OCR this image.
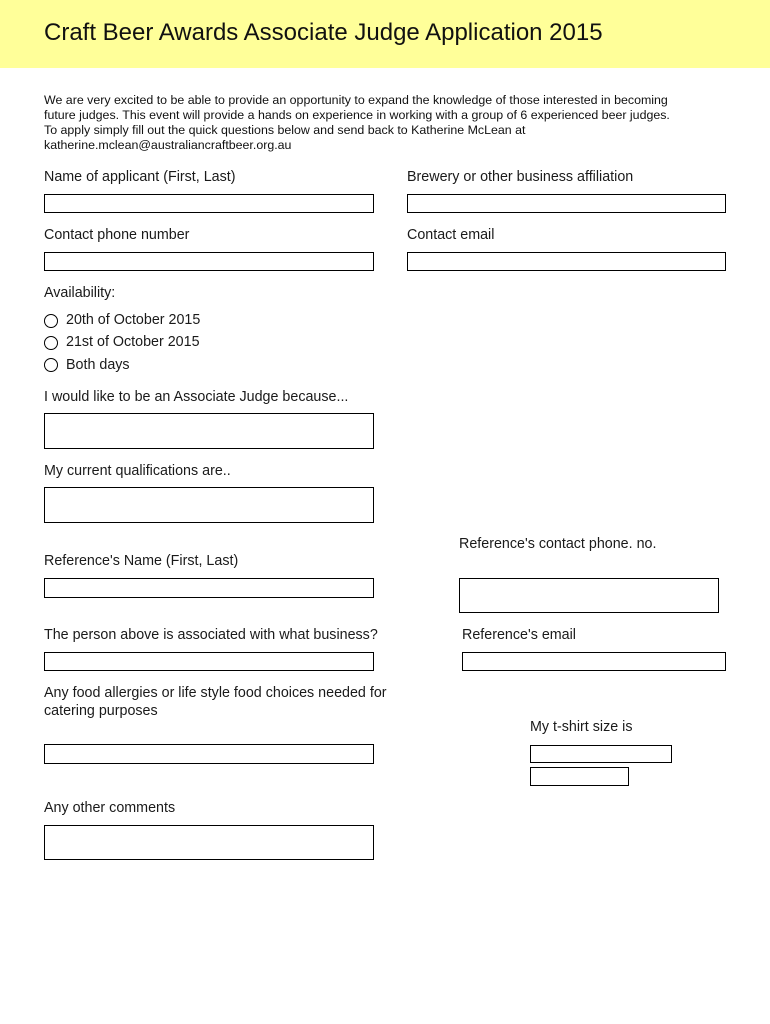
Craft Beer Awards Associate Judge Application 2015
We are very excited to be able to provide an opportunity to expand the knowledge of those interested in becoming
future judges. This event will provide a hands on experience in working with a group of 6 experienced beer judges.
To apply simply fill out the quick questions below and send back to Katherine McLean at
katherine.mclean@australiancraftbeer.org.au
Name of applicant (First, Last)	Brewery or other business affiliation
Contact phone number	Contact email
Availability:
20th of October 2015
21st of October 2015
Both days
I would like to be an Associate Judge because...
My current qualifications are..
Reference's contact phone. no.
Reference's Name (First, Last)
The person above is associated with what business?	Reference's email
Any food allergies or life style food choices needed for
catering purposes
My t-shirt size is
Any other comments
